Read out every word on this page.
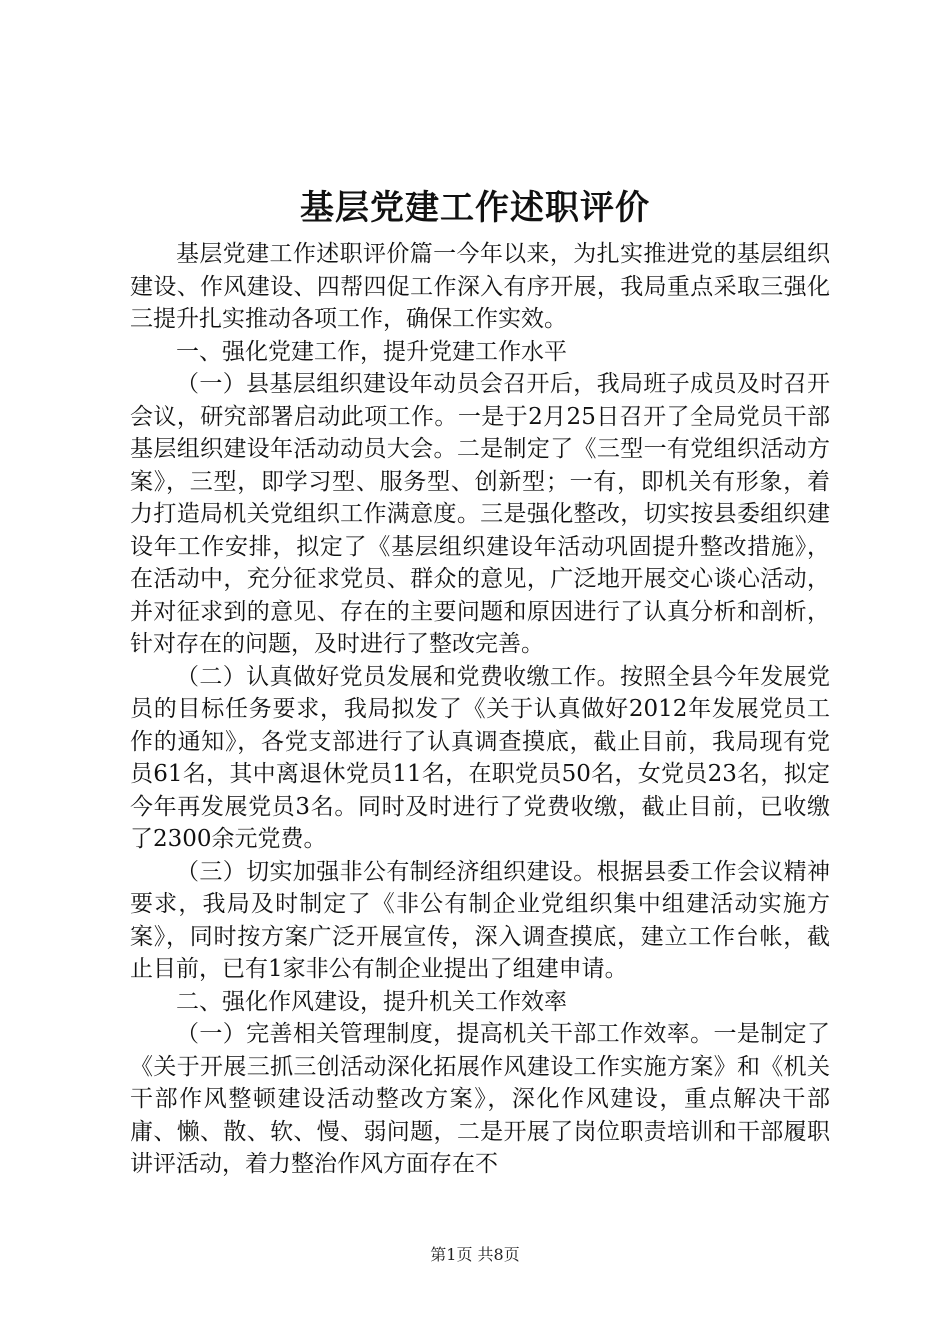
基层党建工作述职评价

基层党建工作述职评价篇一今年以来，为扎实推进党的基层组织建设、作风建设、四帮四促工作深入有序开展，我局重点采取三强化三提升扎实推动各项工作，确保工作实效。

一、强化党建工作，提升党建工作水平

（一）县基层组织建设年动员会召开后，我局班子成员及时召开会议，研究部署启动此项工作。一是于2月25日召开了全局党员干部基层组织建设年活动动员大会。二是制定了《三型一有党组织活动方案》，三型，即学习型、服务型、创新型；一有，即机关有形象，着力打造局机关党组织工作满意度。三是强化整改，切实按县委组织建设年工作安排，拟定了《基层组织建设年活动巩固提升整改措施》，在活动中，充分征求党员、群众的意见，广泛地开展交心谈心活动，并对征求到的意见、存在的主要问题和原因进行了认真分析和剖析，针对存在的问题，及时进行了整改完善。

（二）认真做好党员发展和党费收缴工作。按照全县今年发展党员的目标任务要求，我局拟发了《关于认真做好2012年发展党员工作的通知》，各党支部进行了认真调查摸底，截止目前，我局现有党员61名，其中离退休党员11名，在职党员50名，女党员23名，拟定今年再发展党员3名。同时及时进行了党费收缴，截止目前，已收缴了2300余元党费。

（三）切实加强非公有制经济组织建设。根据县委工作会议精神要求，我局及时制定了《非公有制企业党组织集中组建活动实施方案》，同时按方案广泛开展宣传，深入调查摸底，建立工作台帐，截止目前，已有1家非公有制企业提出了组建申请。

二、强化作风建设，提升机关工作效率

（一）完善相关管理制度，提高机关干部工作效率。一是制定了《关于开展三抓三创活动深化拓展作风建设工作实施方案》和《机关干部作风整顿建设活动整改方案》，深化作风建设，重点解决干部庸、懒、散、软、慢、弱问题，二是开展了岗位职责培训和干部履职讲评活动，着力整治作风方面存在不

第1页 共8页
